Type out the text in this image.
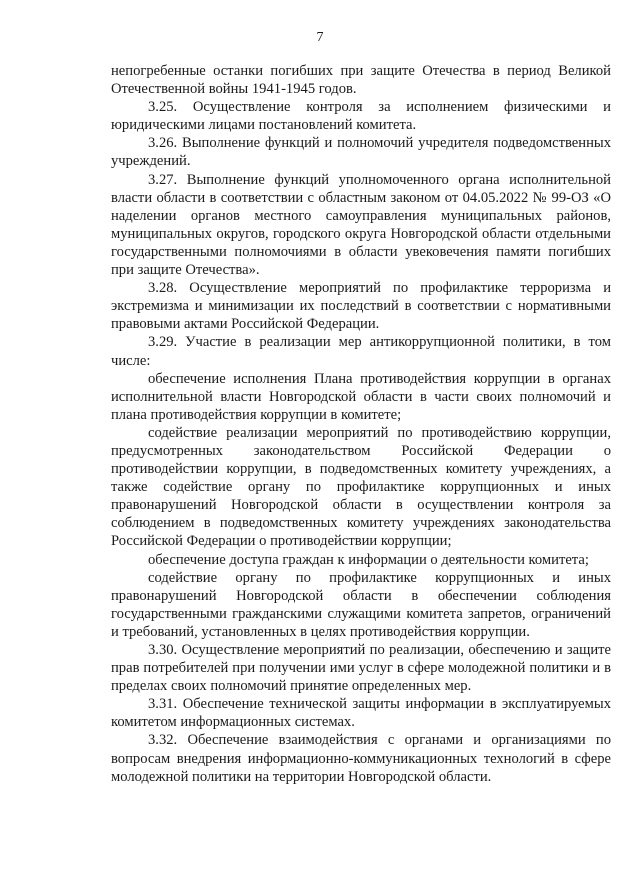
7

непогребенные останки погибших при защите Отечества в период Великой Отечественной войны 1941-1945 годов.

3.25. Осуществление контроля за исполнением физическими и юридическими лицами постановлений комитета.

3.26. Выполнение функций и полномочий учредителя подведомственных учреждений.

3.27. Выполнение функций уполномоченного органа исполнительной власти области в соответствии с областным законом от 04.05.2022 № 99-ОЗ «О наделении органов местного самоуправления муниципальных районов, муниципальных округов, городского округа Новгородской области отдельными государственными полномочиями в области увековечения памяти погибших при защите Отечества».

3.28. Осуществление мероприятий по профилактике терроризма и экстремизма и минимизации их последствий в соответствии с нормативными правовыми актами Российской Федерации.

3.29. Участие в реализации мер антикоррупционной политики, в том числе:

обеспечение исполнения Плана противодействия коррупции в органах исполнительной власти Новгородской области в части своих полномочий и плана противодействия коррупции в комитете;

содействие реализации мероприятий по противодействию коррупции, предусмотренных законодательством Российской Федерации о противодействии коррупции, в подведомственных комитету учреждениях, а также содействие органу по профилактике коррупционных и иных правонарушений Новгородской области в осуществлении контроля за соблюдением в подведомственных комитету учреждениях законодательства Российской Федерации о противодействии коррупции;

обеспечение доступа граждан к информации о деятельности комитета;

содействие органу по профилактике коррупционных и иных правонарушений Новгородской области в обеспечении соблюдения государственными гражданскими служащими комитета запретов, ограничений и требований, установленных в целях противодействия коррупции.

3.30. Осуществление мероприятий по реализации, обеспечению и защите прав потребителей при получении ими услуг в сфере молодежной политики и в пределах своих полномочий принятие определенных мер.

3.31. Обеспечение технической защиты информации в эксплуатируемых комитетом информационных системах.

3.32. Обеспечение взаимодействия с органами и организациями по вопросам внедрения информационно-коммуникационных технологий в сфере молодежной политики на территории Новгородской области.
